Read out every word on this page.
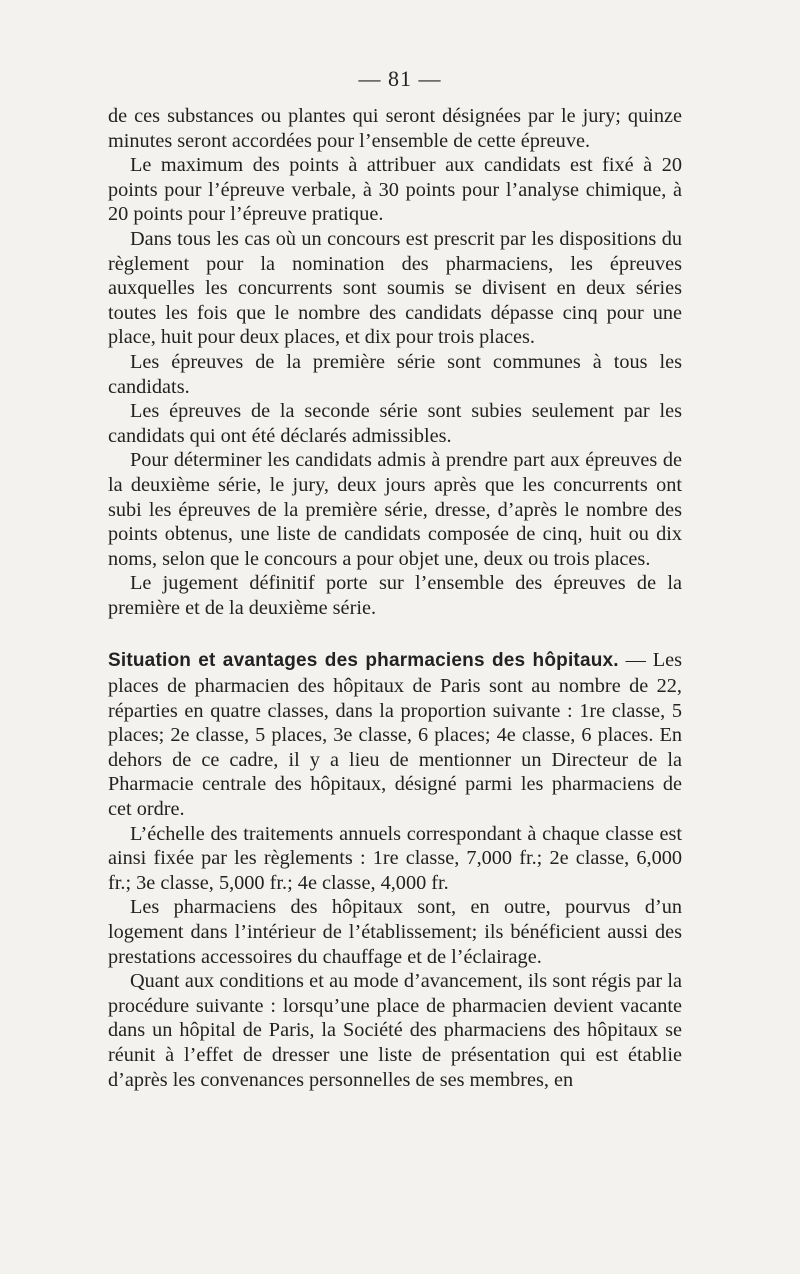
— 81 —

de ces substances ou plantes qui seront désignées par le jury; quinze minutes seront accordées pour l’ensemble de cette épreuve.

Le maximum des points à attribuer aux candidats est fixé à 20 points pour l’épreuve verbale, à 30 points pour l’analyse chimique, à 20 points pour l’épreuve pratique.

Dans tous les cas où un concours est prescrit par les dispositions du règlement pour la nomination des pharmaciens, les épreuves auxquelles les concurrents sont soumis se divisent en deux séries toutes les fois que le nombre des candidats dépasse cinq pour une place, huit pour deux places, et dix pour trois places.

Les épreuves de la première série sont communes à tous les candidats.

Les épreuves de la seconde série sont subies seulement par les candidats qui ont été déclarés admissibles.

Pour déterminer les candidats admis à prendre part aux épreuves de la deuxième série, le jury, deux jours après que les concurrents ont subi les épreuves de la première série, dresse, d’après le nombre des points obtenus, une liste de candidats composée de cinq, huit ou dix noms, selon que le concours a pour objet une, deux ou trois places.

Le jugement définitif porte sur l’ensemble des épreuves de la première et de la deuxième série.

Situation et avantages des pharmaciens des hôpitaux. — Les places de pharmacien des hôpitaux de Paris sont au nombre de 22, réparties en quatre classes, dans la proportion suivante : 1re classe, 5 places; 2e classe, 5 places, 3e classe, 6 places; 4e classe, 6 places. En dehors de ce cadre, il y a lieu de mentionner un Directeur de la Pharmacie centrale des hôpitaux, désigné parmi les pharmaciens de cet ordre.

L’échelle des traitements annuels correspondant à chaque classe est ainsi fixée par les règlements : 1re classe, 7,000 fr.; 2e classe, 6,000 fr.; 3e classe, 5,000 fr.; 4e classe, 4,000 fr.

Les pharmaciens des hôpitaux sont, en outre, pourvus d’un logement dans l’intérieur de l’établissement; ils bénéficient aussi des prestations accessoires du chauffage et de l’éclairage.

Quant aux conditions et au mode d’avancement, ils sont régis par la procédure suivante : lorsqu’une place de pharmacien devient vacante dans un hôpital de Paris, la Société des pharmaciens des hôpitaux se réunit à l’effet de dresser une liste de présentation qui est établie d’après les convenances personnelles de ses membres, en
